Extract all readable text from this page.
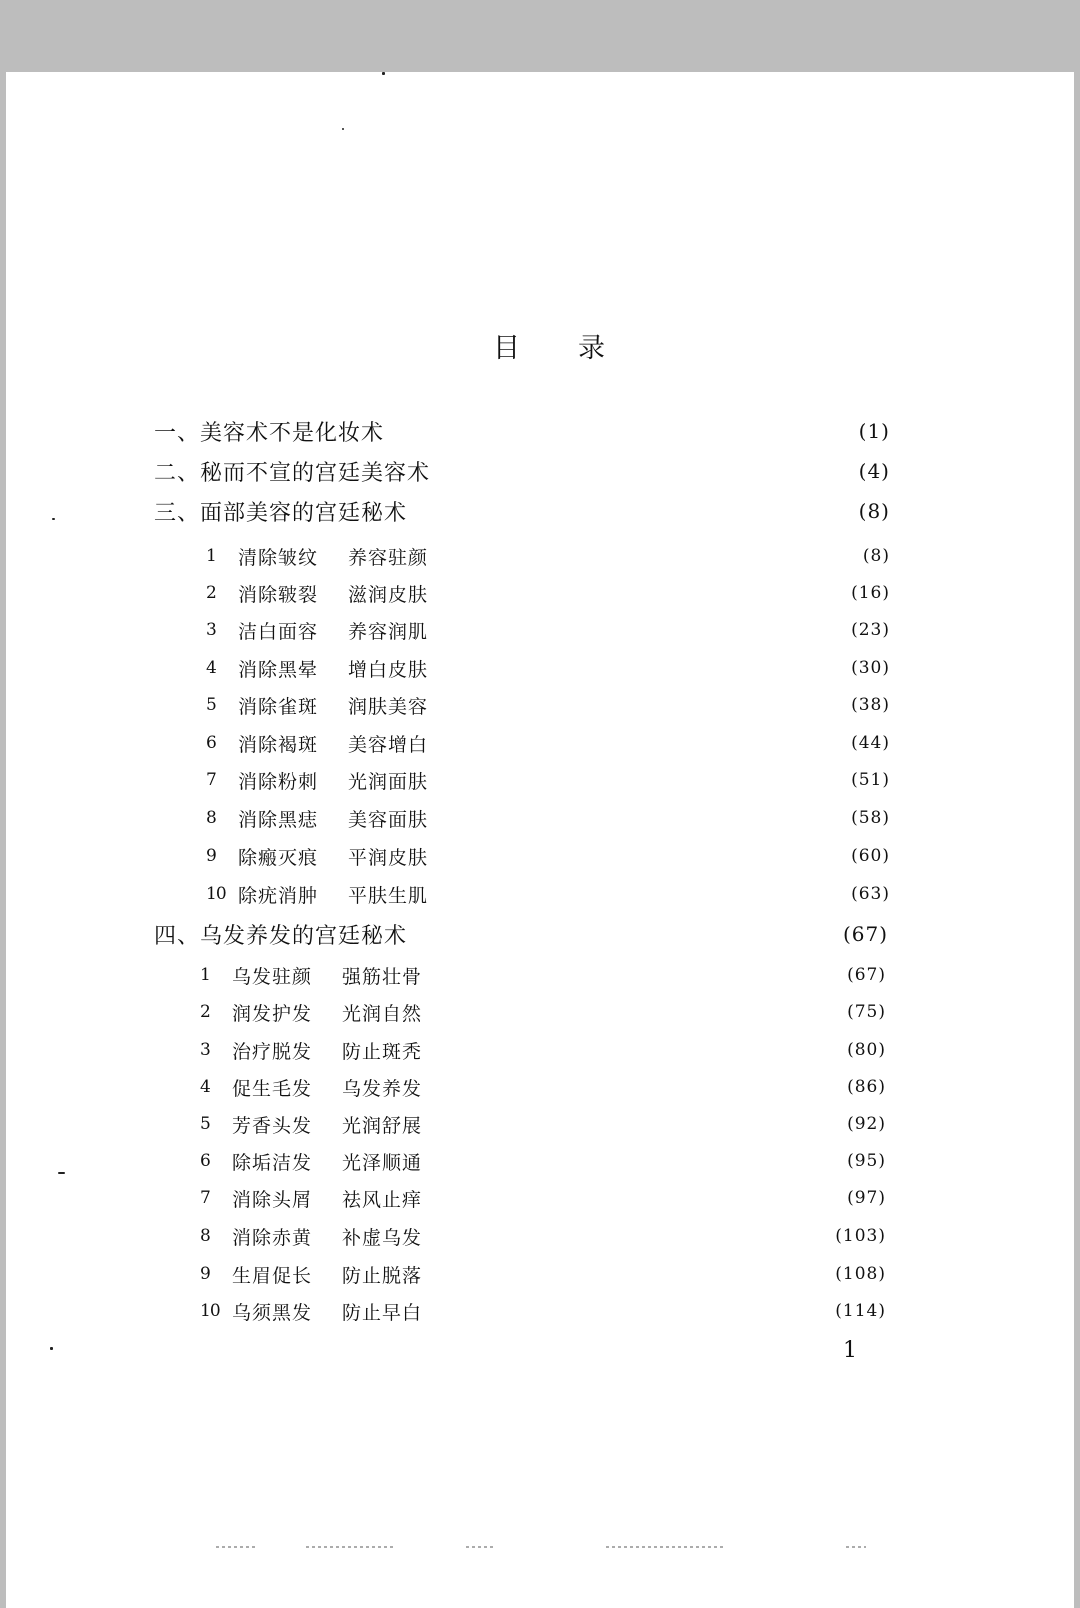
目 录
一、美容术不是化妆术	(1)
二、秘而不宣的宫廷美容术	(4)
三、面部美容的宫廷秘术	(8)
1	清除皱纹 养容驻颜	(8)
2	消除皲裂 滋润皮肤	(16)
3	洁白面容 养容润肌	(23)
4	消除黑晕 增白皮肤	(30)
5	消除雀斑 润肤美容	(38)
6	消除褐斑 美容增白	(44)
7	消除粉刺 光润面肤	(51)
8	消除黑痣 美容面肤	(58)
9	除瘢灭痕 平润皮肤	(60)
10 除疣消肿 平肤生肌	(63)
四、乌发养发的宫廷秘术	(67)
1	乌发驻颜 强筋壮骨	(67)
2	润发护发 光润自然	(75)
3	治疗脱发 防止斑秃	(80)
4	促生毛发 乌发养发	(86)
5	芳香头发 光润舒展	(92)
6	除垢洁发 光泽顺通	(95)
7	消除头屑 祛风止痒	(97)
8	消除赤黄 补虚乌发	(103)
9	生眉促长 防止脱落	(108)
10 乌须黑发 防止早白	(114)
1
